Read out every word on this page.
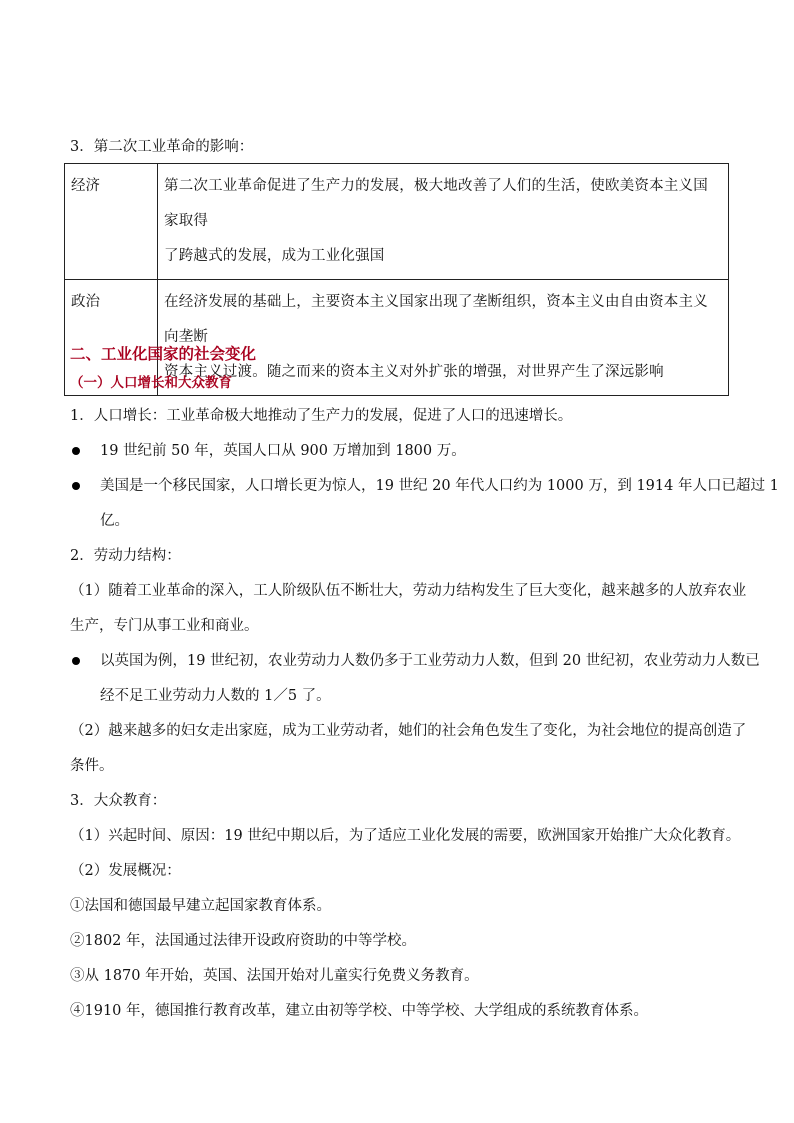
3．第二次工业革命的影响：
经济	第二次工业革命促进了生产力的发展，极大地改善了人们的生活，使欧美资本主义国家取得
了跨越式的发展，成为工业化强国

政治	在经济发展的基础上，主要资本主义国家出现了垄断组织，资本主义由自由资本主义向垄断
资本主义过渡。随之而来的资本主义对外扩张的增强，对世界产生了深远影响
二、工业化国家的社会变化
（一）人口增长和大众教育
1．人口增长：工业革命极大地推动了生产力的发展，促进了人口的迅速增长。
19 世纪前 50 年，英国人口从 900 万增加到 1800 万。
美国是一个移民国家，人口增长更为惊人，19 世纪 20 年代人口约为 1000 万，到 1914 年人口已超过 1
亿。
2．劳动力结构：
（1）随着工业革命的深入，工人阶级队伍不断壮大，劳动力结构发生了巨大变化，越来越多的人放弃农业
生产，专门从事工业和商业。
以英国为例，19 世纪初，农业劳动力人数仍多于工业劳动力人数，但到 20 世纪初，农业劳动力人数已
经不足工业劳动力人数的 1／5 了。
（2）越来越多的妇女走出家庭，成为工业劳动者，她们的社会角色发生了变化，为社会地位的提高创造了
条件。
3．大众教育：
（1）兴起时间、原因：19 世纪中期以后，为了适应工业化发展的需要，欧洲国家开始推广大众化教育。
（2）发展概况：
①法国和德国最早建立起国家教育体系。
②1802 年，法国通过法律开设政府资助的中等学校。
③从 1870 年开始，英国、法国开始对儿童实行免费义务教育。
④1910 年，德国推行教育改革，建立由初等学校、中等学校、大学组成的系统教育体系。
